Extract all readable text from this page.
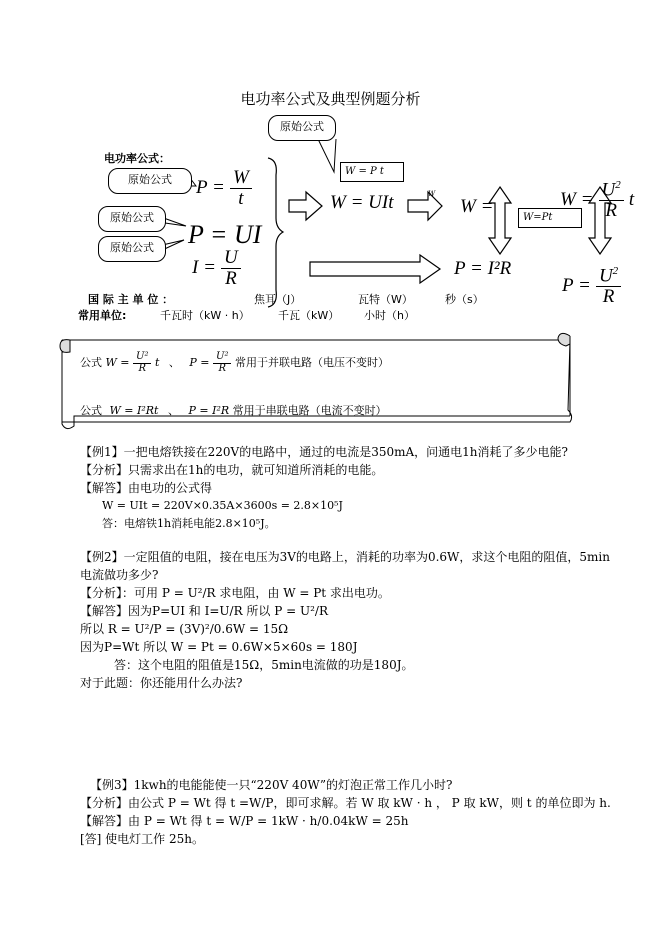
电功率公式及典型例题分析
原始公式
原始公式
原始公式
原始公式
W = P t
W=Pt
电功率公式：
$P = \frac{W}{t}$
P = UI
$I = \frac{U}{R}$
W = UIt	W =
W	$W = \frac{U^2}{R}$ t
P = I²R
$P = \frac{U^2}{R}$
国 际 主 单 位 ：	焦耳（J）	瓦特（W）	秒（s）
常用单位:	千瓦时（kW · h）	千瓦（kW） 小时（h）
公式 $W = \frac{\text{U²}}{R}$ t 、 $P = \frac{\text{U²}}{R}$ 常用于并联电路（电压不变时）
公式 W = I²Rt 、 P = I²R 常用于串联电路（电流不变时）
【例1】一把电熔铁接在220V的电路中，通过的电流是350mA，问通电1h消耗了多少电能?
【分析】只需求出在1h的电功，就可知道所消耗的电能。
【解答】由电功的公式得
W = UIt = 220V×0.35A×3600s = 2.8×10⁵J
答：电熔铁1h消耗电能2.8×10⁵J。
【例2】一定阻值的电阻，接在电压为3V的电路上，消耗的功率为0.6W，求这个电阻的阻值，5min
电流做功多少?
【分析】：可用 P = U²/R 求电阻，由 W = Pt 求出电功。
【解答】因为P=UI 和 I=U/R 所以 P = U²/R
所以 R = U²/P = (3V)²/0.6W = 15Ω
因为P=Wt 所以 W = Pt = 0.6W×5×60s = 180J
答：这个电阻的阻值是15Ω，5min电流做的功是180J。
对于此题：你还能用什么办法?
【例3】1kwh的电能能使一只“220V 40W”的灯泡正常工作几小时?
【分析】由公式 P = Wt 得 t =W/P，即可求解。若 W 取 kW · h ， P 取 kW，则 t 的单位即为 h.
【解答】由 P = Wt 得 t = W/P = 1kW · h/0.04kW = 25h
[答] 使电灯工作 25h。
